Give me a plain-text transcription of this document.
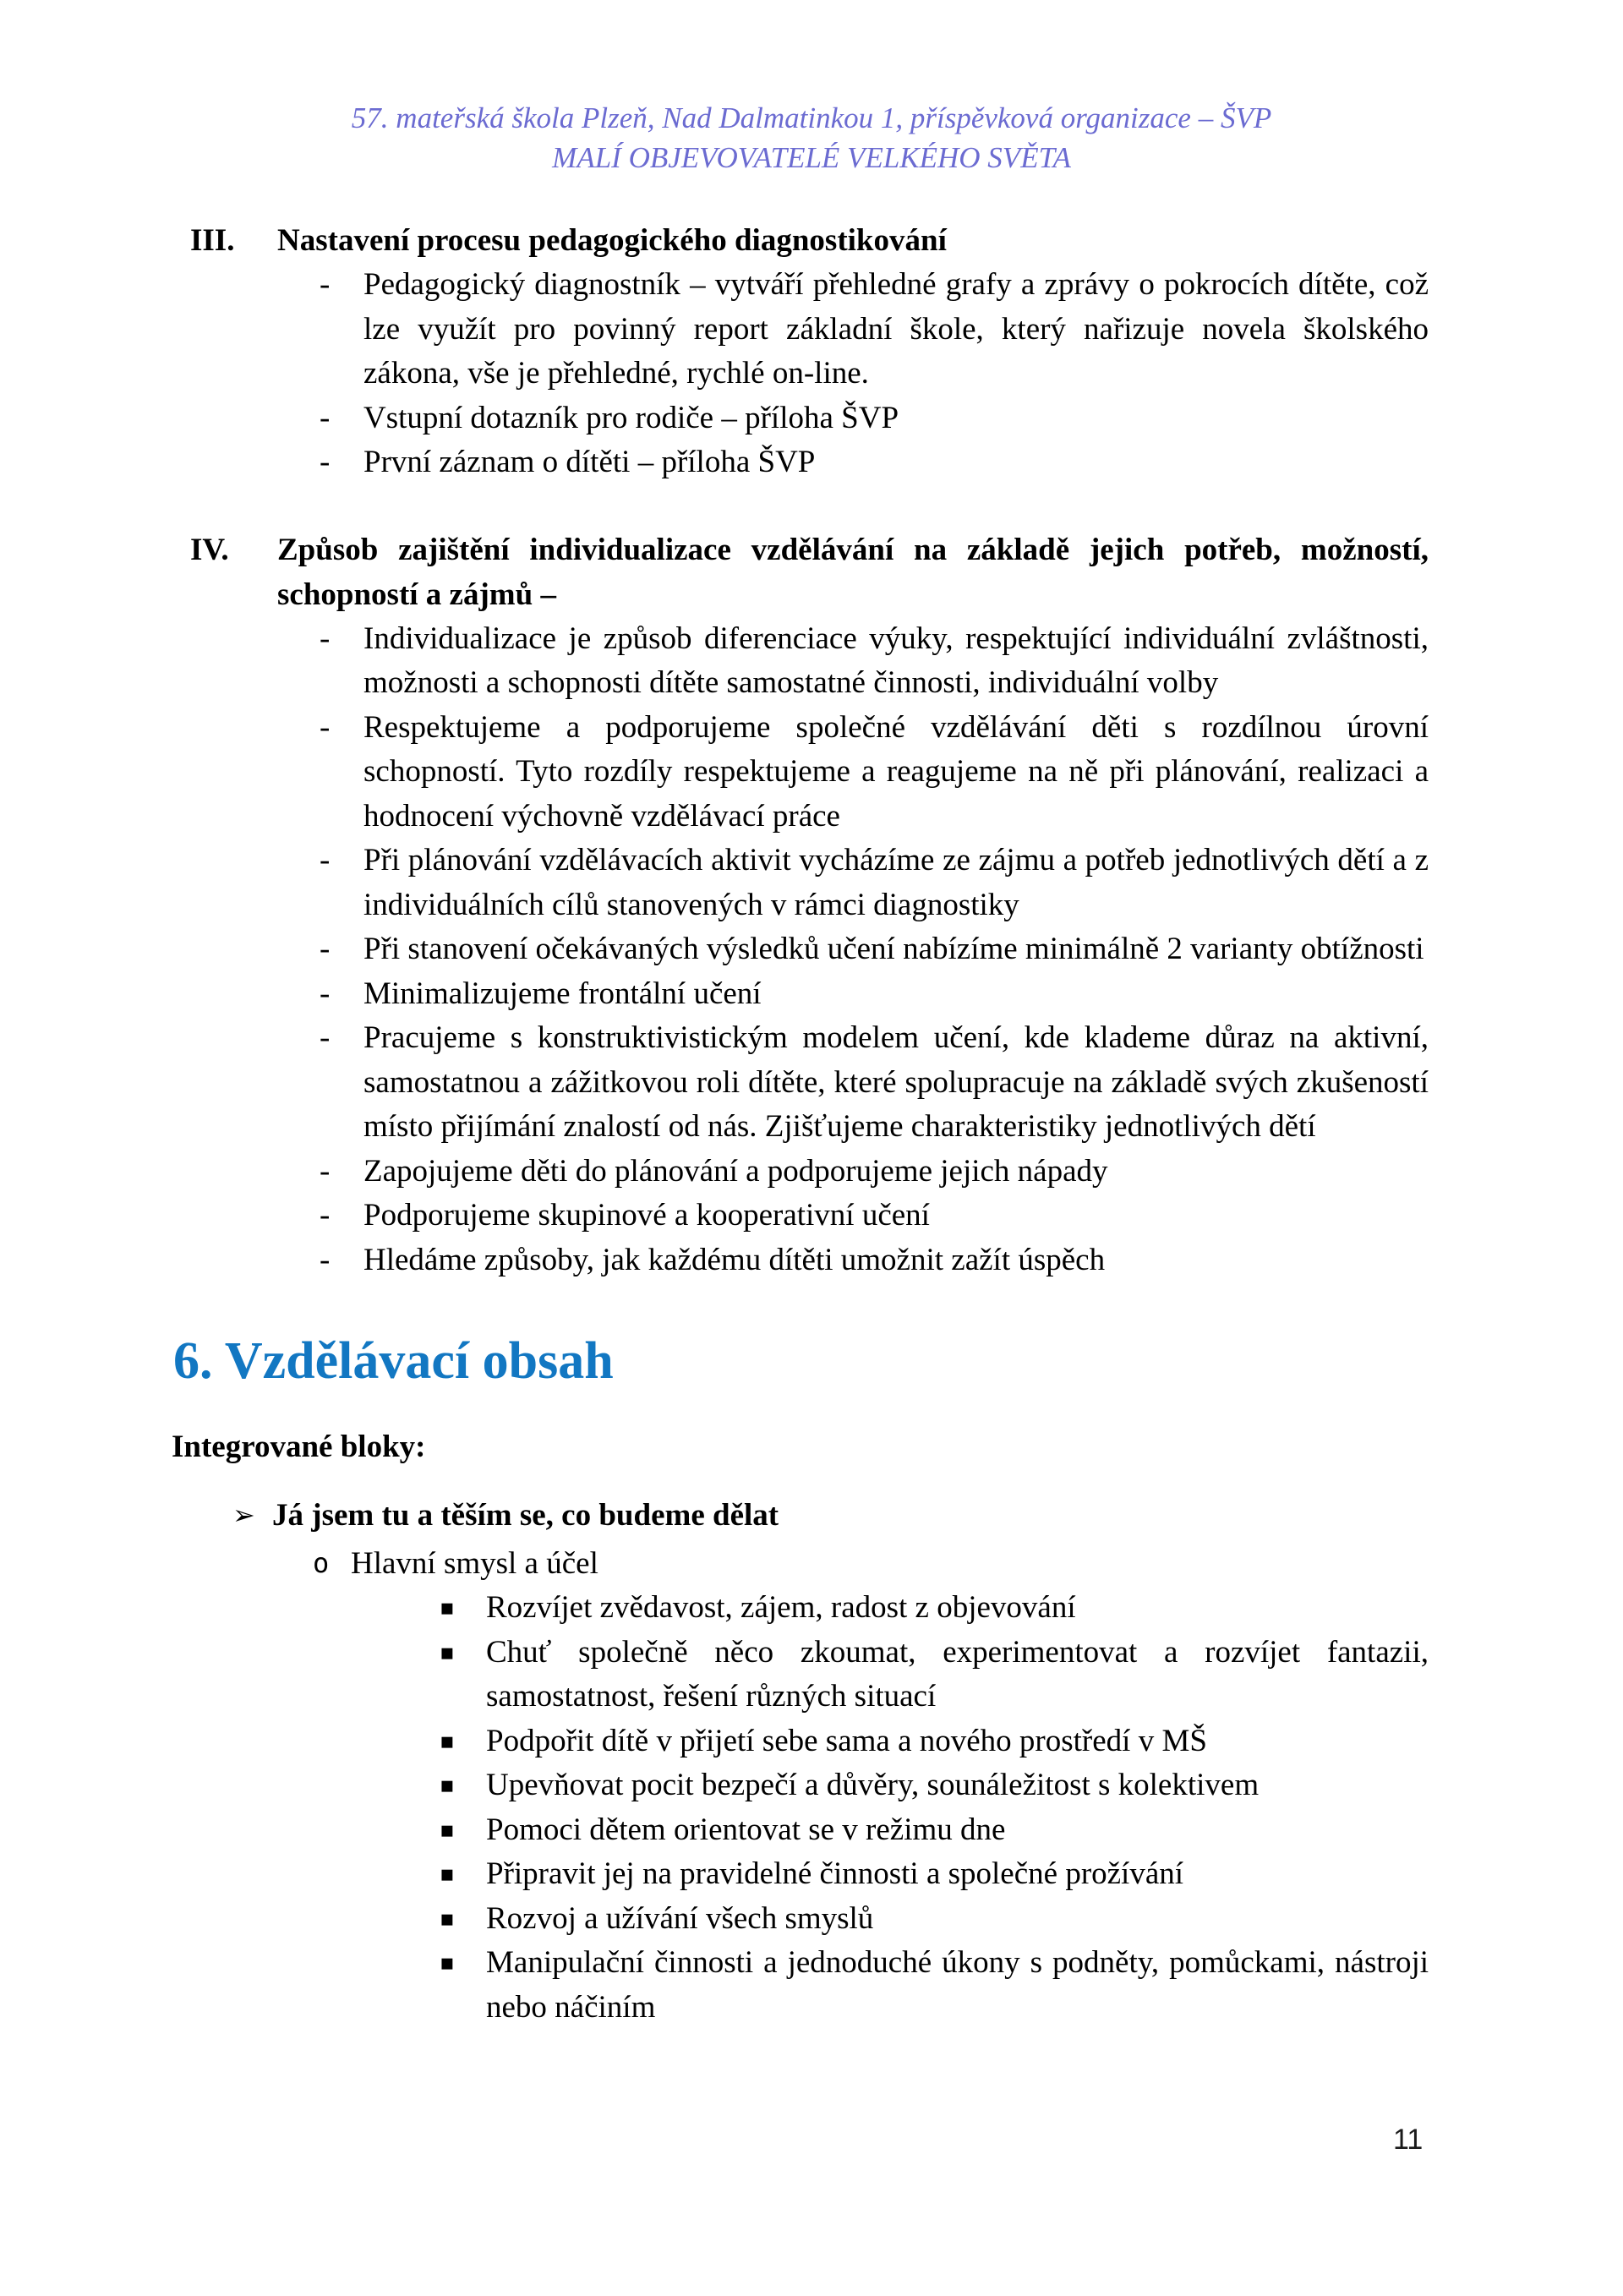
57. mateřská škola Plzeň, Nad Dalmatinkou 1, příspěvková organizace – ŠVP
MALÍ OBJEVOVATELÉ VELKÉHO SVĚTA
III.	Nastavení procesu pedagogického diagnostikování
-	Pedagogický diagnostník – vytváří přehledné grafy a zprávy o pokrocích dítěte, což lze využít pro povinný report základní škole, který nařizuje novela školského zákona, vše je přehledné, rychlé on-line.
-	Vstupní dotazník pro rodiče – příloha ŠVP
-	První záznam o dítěti – příloha ŠVP
IV.	Způsob zajištění individualizace vzdělávání na základě jejich potřeb, možností, schopností a zájmů –
-	Individualizace je způsob diferenciace výuky, respektující individuální zvláštnosti, možnosti a schopnosti dítěte samostatné činnosti, individuální volby
-	Respektujeme a podporujeme společné vzdělávání děti s rozdílnou úrovní schopností. Tyto rozdíly respektujeme a reagujeme na ně při plánování, realizaci a hodnocení výchovně vzdělávací práce
-	Při plánování vzdělávacích aktivit vycházíme ze zájmu a potřeb jednotlivých dětí a z individuálních cílů stanovených v rámci diagnostiky
-	Při stanovení očekávaných výsledků učení nabízíme minimálně 2 varianty obtížnosti
-	Minimalizujeme frontální učení
-	Pracujeme s konstruktivistickým modelem učení, kde klademe důraz na aktivní, samostatnou a zážitkovou roli dítěte, které spolupracuje na základě svých zkušeností místo přijímání znalostí od nás. Zjišťujeme charakteristiky jednotlivých dětí
-	Zapojujeme děti do plánování a podporujeme jejich nápady
-	Podporujeme skupinové a kooperativní učení
-	Hledáme způsoby, jak každému dítěti umožnit zažít úspěch
6. Vzdělávací obsah
Integrované bloky:
➢ Já jsem tu a těším se, co budeme dělat
o Hlavní smysl a účel
▪	Rozvíjet zvědavost, zájem, radost z objevování
▪	Chuť společně něco zkoumat, experimentovat a rozvíjet fantazii, samostatnost, řešení různých situací
▪	Podpořit dítě v přijetí sebe sama a nového prostředí v MŠ
▪	Upevňovat pocit bezpečí a důvěry, sounáležitost s kolektivem
▪	Pomoci dětem orientovat se v režimu dne
▪	Připravit jej na pravidelné činnosti a společné prožívání
▪	Rozvoj a užívání všech smyslů
▪	Manipulační činnosti a jednoduché úkony s podněty, pomůckami, nástroji nebo náčiním
11
